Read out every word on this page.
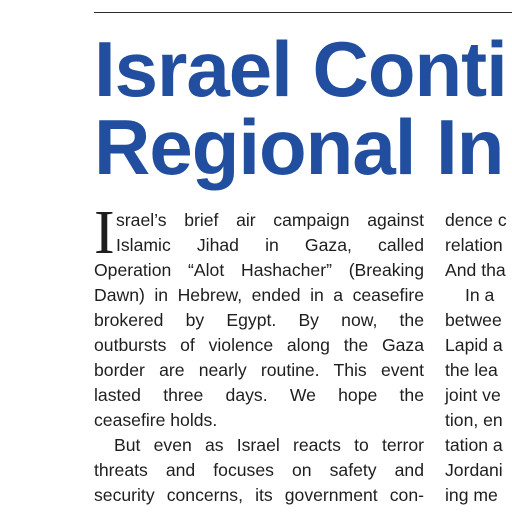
Israel Conti
Regional In
I srael’s brief air campaign against
Islamic Jihad in Gaza, called
Operation “Alot Hashacher” (Breaking
Dawn) in Hebrew, ended in a ceasefire
brokered by Egypt. By now, the
outbursts of violence along the Gaza
border are nearly routine. This event
lasted three days. We hope the
ceasefire holds.
But even as Israel reacts to terror
threats and focuses on safety and
security concerns, its government con-
dence c
relation
And tha
In a
betwee
Lapid a
the lea
joint ve
tion, en
tation a
Jordani
ing me
